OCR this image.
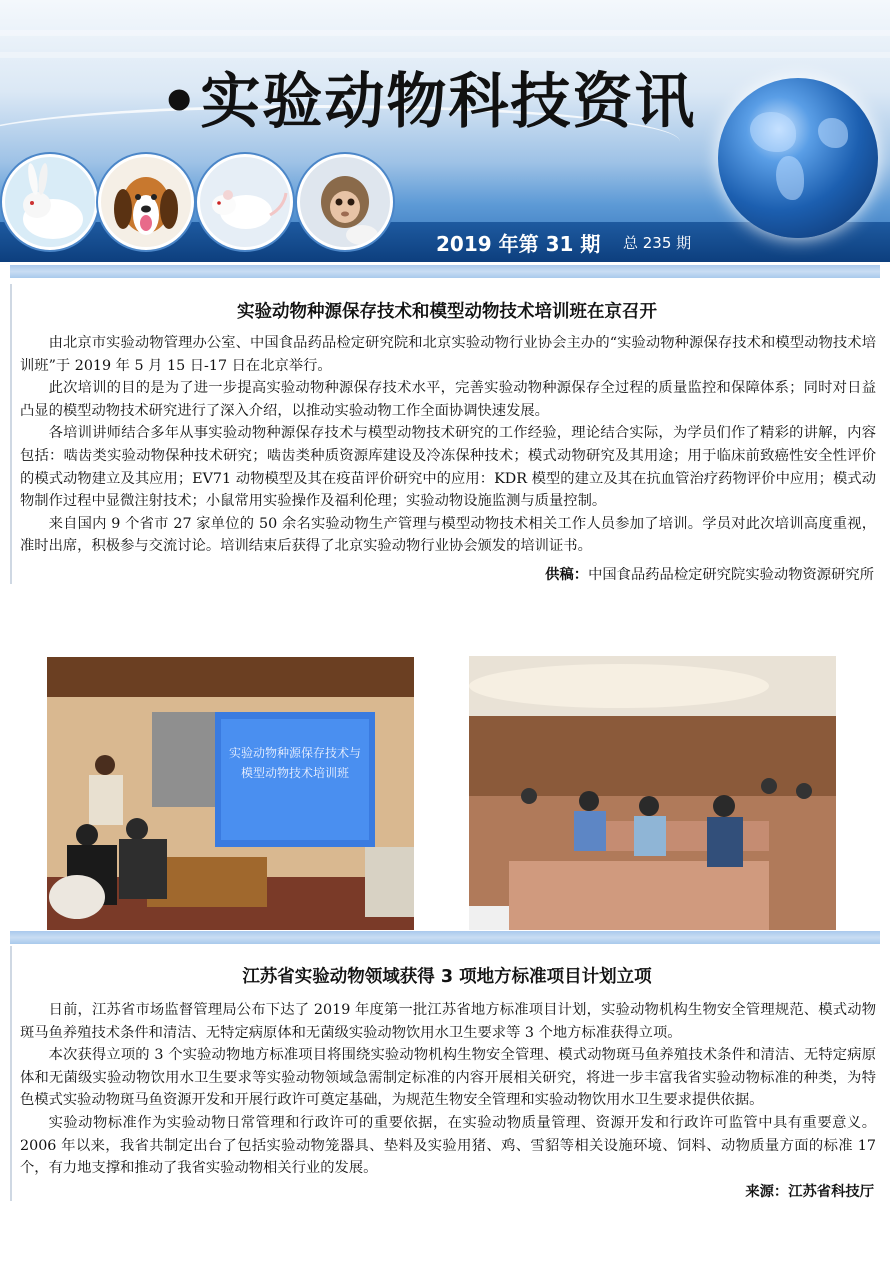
•实验动物科技资讯
2019 年第 31 期 总 235 期
实验动物种源保存技术和模型动物技术培训班在京召开

由北京市实验动物管理办公室、中国食品药品检定研究院和北京实验动物行业协会主办的“实验动物种源保存技术和模型动物技术培训班”于 2019 年 5 月 15 日-17 日在北京举行。

此次培训的目的是为了进一步提高实验动物种源保存技术水平，完善实验动物种源保存全过程的质量监控和保障体系；同时对日益凸显的模型动物技术研究进行了深入介绍，以推动实验动物工作全面协调快速发展。

各培训讲师结合多年从事实验动物种源保存技术与模型动物技术研究的工作经验，理论结合实际，为学员们作了精彩的讲解，内容包括：啮齿类实验动物保种技术研究；啮齿类种质资源库建设及冷冻保种技术；模式动物研究及其用途；用于临床前致癌性安全性评价的模式动物建立及其应用；EV71 动物模型及其在疫苗评价研究中的应用：KDR 模型的建立及其在抗血管治疗药物评价中应用；模式动物制作过程中显微注射技术；小鼠常用实验操作及福利伦理；实验动物设施监测与质量控制。

来自国内 9 个省市 27 家单位的 50 余名实验动物生产管理与模型动物技术相关工作人员参加了培训。学员对此次培训高度重视，准时出席，积极参与交流讨论。培训结束后获得了北京实验动物行业协会颁发的培训证书。

供稿：中国食品药品检定研究院实验动物资源研究所

实验动物种源保存技术与
模型动物技术培训班
江苏省实验动物领域获得 3 项地方标准项目计划立项

日前，江苏省市场监督管理局公布下达了 2019 年度第一批江苏省地方标准项目计划，实验动物机构生物安全管理规范、模式动物斑马鱼养殖技术条件和清洁、无特定病原体和无菌级实验动物饮用水卫生要求等 3 个地方标准获得立项。

本次获得立项的 3 个实验动物地方标准项目将围绕实验动物机构生物安全管理、模式动物斑马鱼养殖技术条件和清洁、无特定病原体和无菌级实验动物饮用水卫生要求等实验动物领域急需制定标准的内容开展相关研究，将进一步丰富我省实验动物标准的种类，为特色模式实验动物斑马鱼资源开发和开展行政许可奠定基础，为规范生物安全管理和实验动物饮用水卫生要求提供依据。

实验动物标准作为实验动物日常管理和行政许可的重要依据，在实验动物质量管理、资源开发和行政许可监管中具有重要意义。2006 年以来，我省共制定出台了包括实验动物笼器具、垫料及实验用猪、鸡、雪貂等相关设施环境、饲料、动物质量方面的标准 17 个，有力地支撑和推动了我省实验动物相关行业的发展。

来源：江苏省科技厅
